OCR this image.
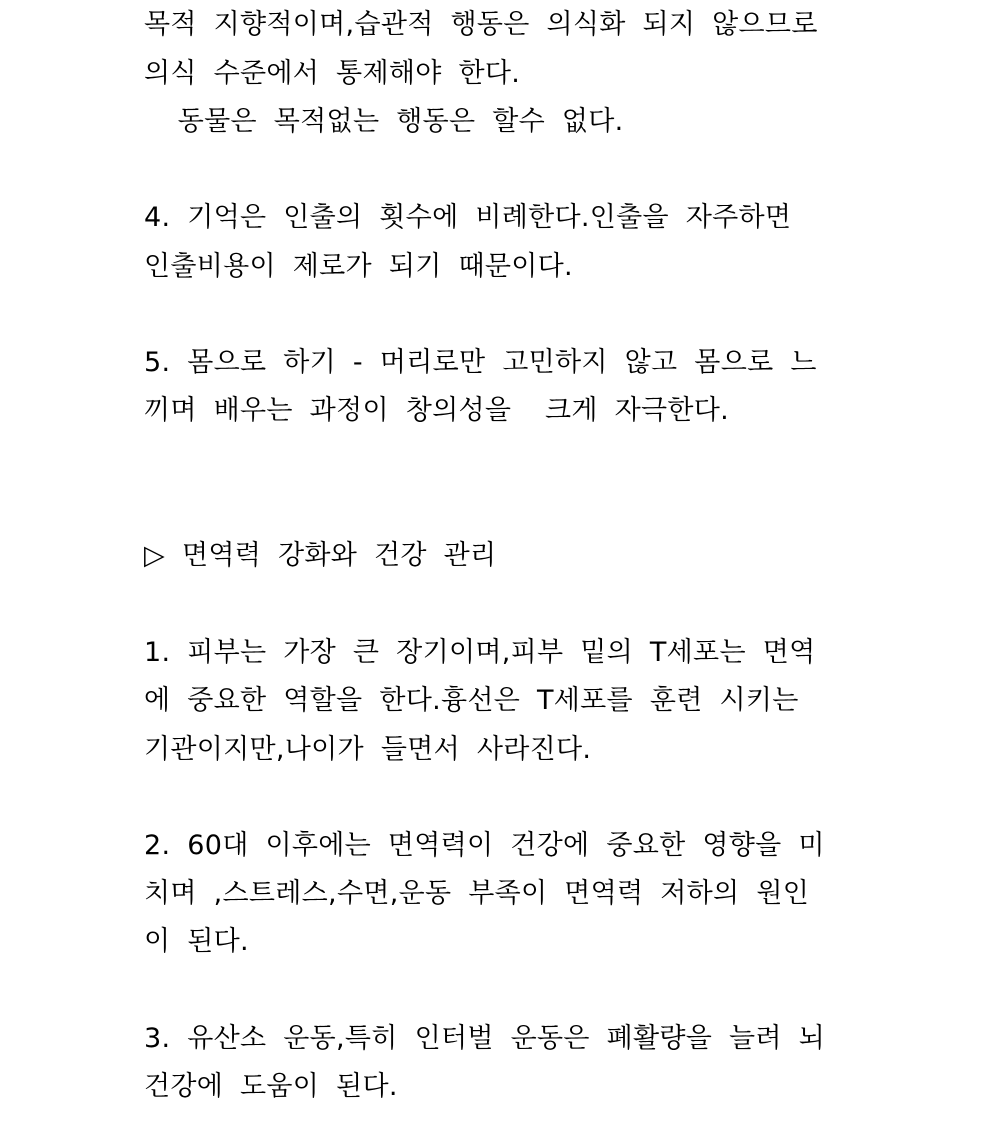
목적 지향적이며,습관적 행동은 의식화 되지 않으므로
의식 수준에서 통제해야 한다.
동물은 목적없는 행동은 할수 없다.
4. 기억은 인출의 횟수에 비례한다.인출을 자주하면
인출비용이 제로가 되기 때문이다.
5. 몸으로 하기 - 머리로만 고민하지 않고 몸으로 느
끼며 배우는 과정이 창의성을  크게 자극한다.
▷ 면역력 강화와 건강 관리
1. 피부는 가장 큰 장기이며,피부 밑의 T세포는 면역
에 중요한 역할을 한다.흉선은 T세포를 훈련 시키는
기관이지만,나이가 들면서 사라진다.
2. 60대 이후에는 면역력이 건강에 중요한 영향을 미
치며 ,스트레스,수면,운동 부족이 면역력 저하의 원인
이 된다.
3. 유산소 운동,특히 인터벌 운동은 폐활량을 늘려 뇌
건강에 도움이 된다.
